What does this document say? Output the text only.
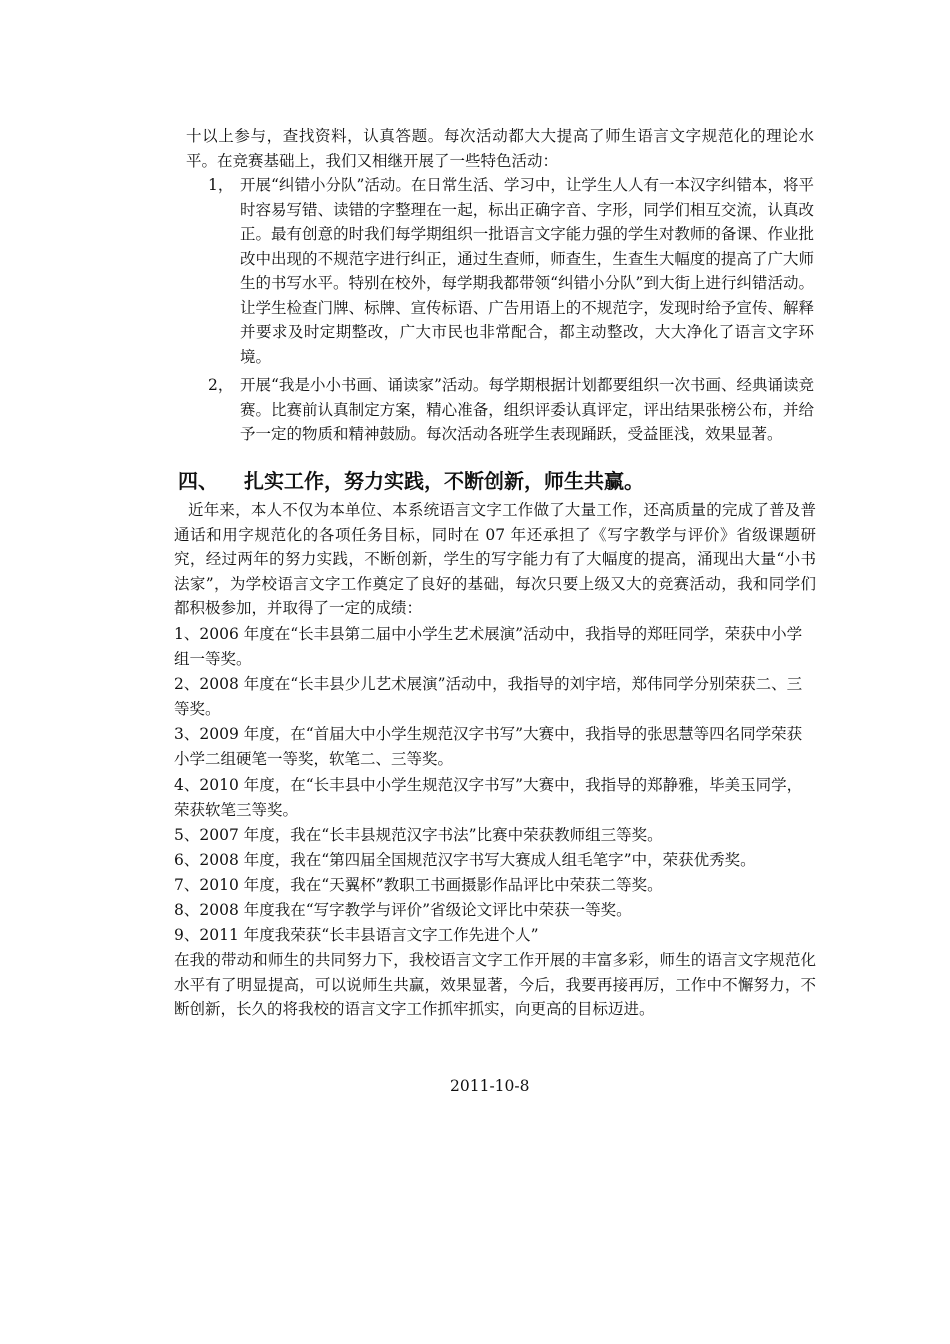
十以上参与，查找资料，认真答题。每次活动都大大提高了师生语言文字规范化的理论水平。在竞赛基础上，我们又相继开展了一些特色活动：

1， 开展“纠错小分队”活动。在日常生活、学习中，让学生人人有一本汉字纠错本，将平时容易写错、读错的字整理在一起，标出正确字音、字形，同学们相互交流，认真改正。最有创意的时我们每学期组织一批语言文字能力强的学生对教师的备课、作业批改中出现的不规范字进行纠正，通过生查师，师查生，生查生大幅度的提高了广大师生的书写水平。特别在校外，每学期我都带领“纠错小分队”到大街上进行纠错活动。让学生检查门牌、标牌、宣传标语、广告用语上的不规范字，发现时给予宣传、解释并要求及时定期整改，广大市民也非常配合，都主动整改，大大净化了语言文字环境。
2， 开展“我是小小书画、诵读家”活动。每学期根据计划都要组织一次书画、经典诵读竞赛。比赛前认真制定方案，精心准备，组织评委认真评定，评出结果张榜公布，并给予一定的物质和精神鼓励。每次活动各班学生表现踊跃，受益匪浅，效果显著。
四、 扎实工作，努力实践，不断创新，师生共赢。

近年来，本人不仅为本单位、本系统语言文字工作做了大量工作，还高质量的完成了普及普通话和用字规范化的各项任务目标，同时在 07 年还承担了《写字教学与评价》省级课题研究，经过两年的努力实践，不断创新，学生的写字能力有了大幅度的提高，涌现出大量“小书法家”，为学校语言文字工作奠定了良好的基础，每次只要上级又大的竞赛活动，我和同学们都积极参加，并取得了一定的成绩：

1、2006 年度在“长丰县第二届中小学生艺术展演”活动中，我指导的郑旺同学，荣获中小学组一等奖。

2、2008 年度在“长丰县少儿艺术展演”活动中，我指导的刘宇培，郑伟同学分别荣获二、三等奖。

3、2009 年度，在“首届大中小学生规范汉字书写”大赛中，我指导的张思慧等四名同学荣获小学二组硬笔一等奖，软笔二、三等奖。

4、2010 年度，在“长丰县中小学生规范汉字书写”大赛中，我指导的郑静雅，毕美玉同学，荣获软笔三等奖。

5、2007 年度，我在“长丰县规范汉字书法”比赛中荣获教师组三等奖。

6、2008 年度，我在“第四届全国规范汉字书写大赛成人组毛笔字”中，荣获优秀奖。

7、2010 年度，我在“天翼杯”教职工书画摄影作品评比中荣获二等奖。

8、2008 年度我在“写字教学与评价”省级论文评比中荣获一等奖。

9、2011 年度我荣获“长丰县语言文字工作先进个人”

在我的带动和师生的共同努力下，我校语言文字工作开展的丰富多彩，师生的语言文字规范化水平有了明显提高，可以说师生共赢，效果显著，今后，我要再接再厉，工作中不懈努力，不断创新，长久的将我校的语言文字工作抓牢抓实，向更高的目标迈进。

2011-10-8
